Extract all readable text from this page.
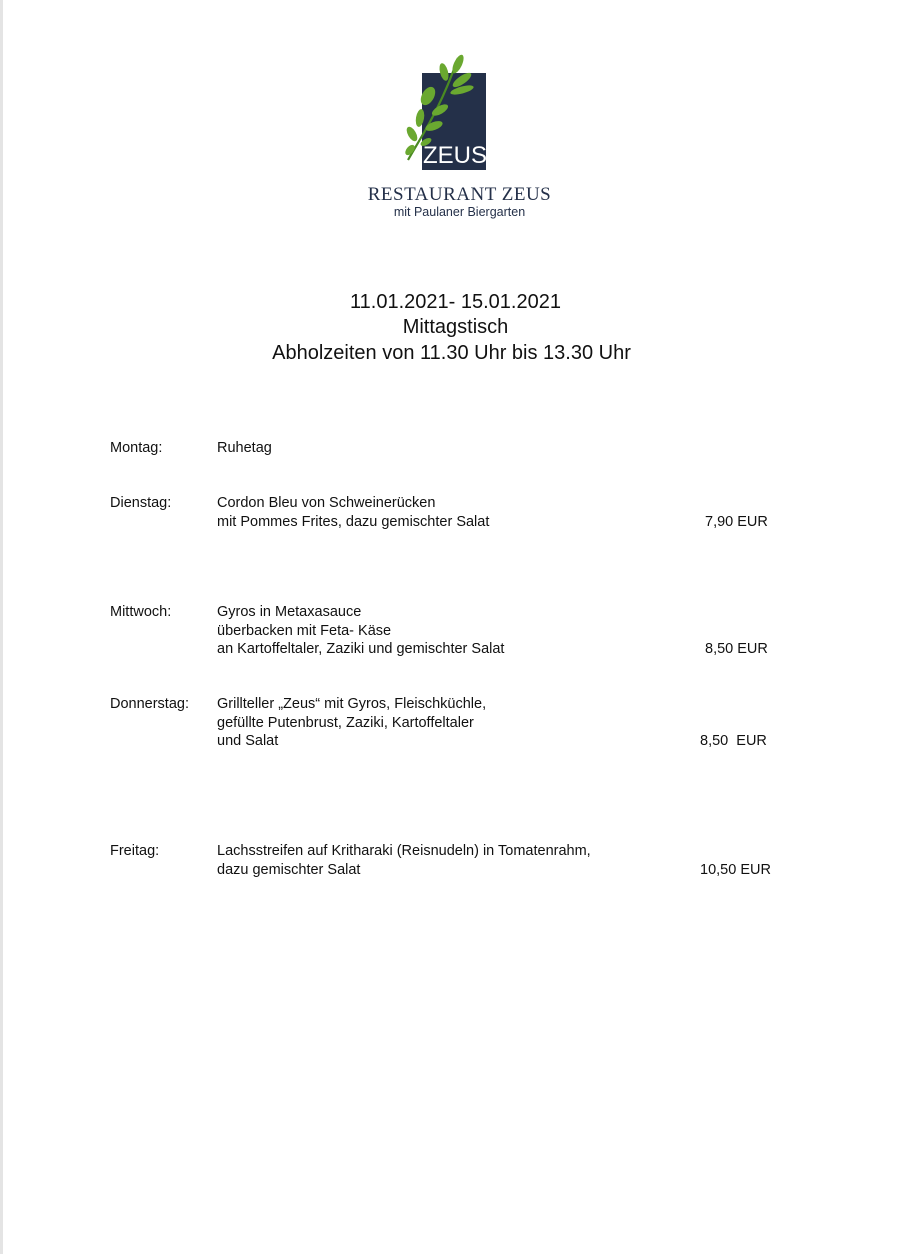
ZEUS
RESTAURANT ZEUS
mit Paulaner Biergarten
11.01.2021- 15.01.2021
Mittagstisch
Abholzeiten von 11.30 Uhr bis 13.30 Uhr
Montag:	Ruhetag
Dienstag:	Cordon Bleu von Schweinerücken
mit Pommes Frites, dazu gemischter Salat	7,90 EUR
Mittwoch:	Gyros in Metaxasauce
überbacken mit Feta- Käse
an Kartoffeltaler, Zaziki und gemischter Salat	8,50 EUR
Donnerstag: Grillteller „Zeus“ mit Gyros, Fleischküchle,
gefüllte Putenbrust, Zaziki, Kartoffeltaler
und Salat	8,50  EUR
Freitag:	Lachsstreifen auf Kritharaki (Reisnudeln) in Tomatenrahm,
dazu gemischter Salat	10,50 EUR
